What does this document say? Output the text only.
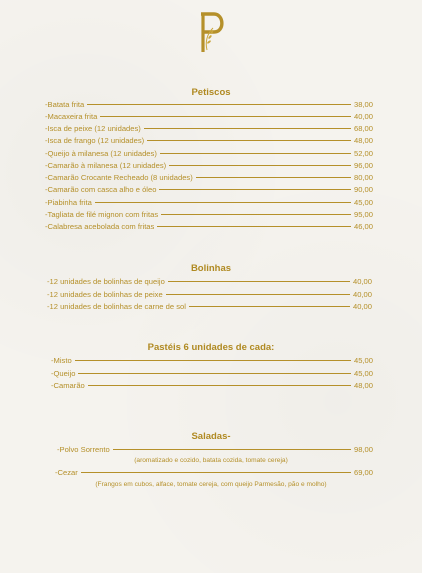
Petiscos
-Batata frita	38,00
-Macaxeira frita	40,00
-Isca de peixe (12 unidades)	68,00
-Isca de frango (12 unidades)	48,00
-Queijo à milanesa (12 unidades)	52,00
-Camarão à milanesa (12 unidades)	96,00
-Camarão Crocante Recheado (8 unidades)	80,00
-Camarão com casca alho e óleo	90,00
-Piabinha frita	45,00
-Tagliata de filé mignon com fritas	95,00
-Calabresa acebolada com fritas	46,00
Bolinhas
-12 unidades de bolinhas de queijo	40,00
-12 unidades de bolinhas de peixe	40,00
-12 unidades de bolinhas de carne de sol	40,00
Pastéis 6 unidades de cada:
-Misto	45,00
-Queijo	45,00
-Camarão	48,00
Saladas-
-Polvo Sorrento	98,00
(aromatizado e cozido, batata cozida, tomate cereja)
-Cezar	69,00
(Frangos em cubos, alface, tomate cereja, com queijo Parmesão, pão e molho)
